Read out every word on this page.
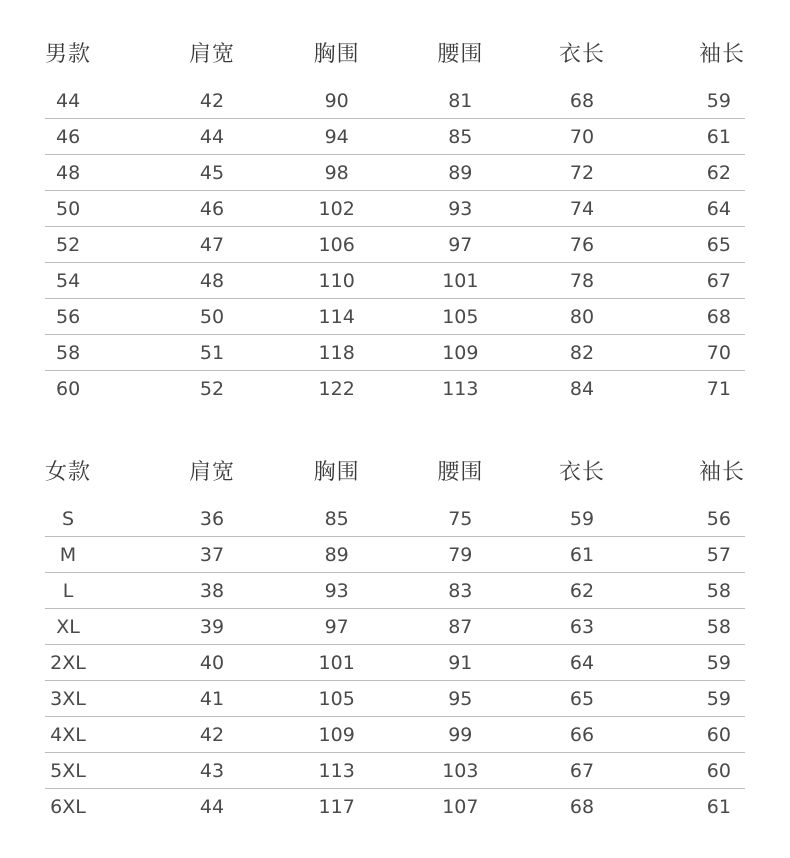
男款	肩宽	胸围	腰围	衣长	袖长
44	42	90	81	68	59
46	44	94	85	70	61
48	45	98	89	72	62
50	46	102	93	74	64
52	47	106	97	76	65
54	48	110	101	78	67
56	50	114	105	80	68
58	51	118	109	82	70
60	52	122	113	84	71
女款	肩宽	胸围	腰围	衣长	袖长
S	36	85	75	59	56
M	37	89	79	61	57
L	38	93	83	62	58
XL	39	97	87	63	58
2XL	40	101	91	64	59
3XL	41	105	95	65	59
4XL	42	109	99	66	60
5XL	43	113	103	67	60
6XL	44	117	107	68	61
